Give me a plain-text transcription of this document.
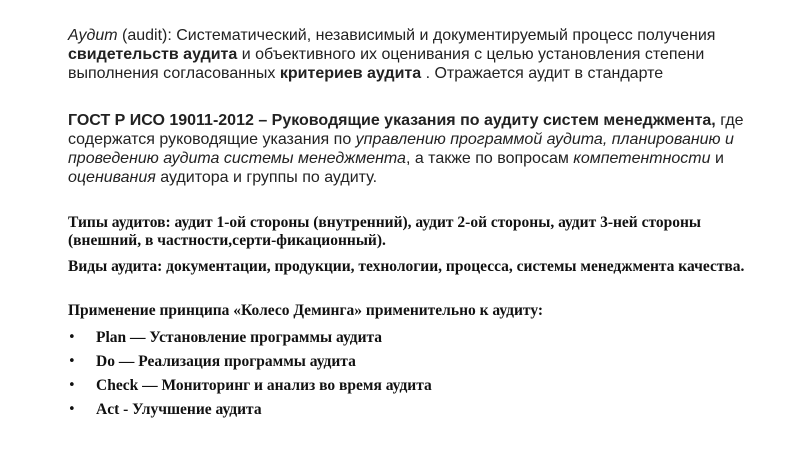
Аудит (audit): Систематический, независимый и документируемый процесс получения свидетельств аудита и объективного их оценивания с целью установления степени выполнения согласованных критериев аудита . Отражается аудит в стандарте
ГОСТ Р ИСО 19011-2012 – Руководящие указания по аудиту систем менеджмента, где содержатся руководящие указания по управлению программой аудита, планированию и проведению аудита системы менеджмента, а также по вопросам компетентности и оценивания аудитора и группы по аудиту.
Типы аудитов: аудит 1-ой стороны (внутренний), аудит 2-ой стороны, аудит 3-ней стороны (внешний, в частности,серти-фикационный).
Виды аудита: документации, продукции, технологии, процесса, системы менеджмента качества.
Применение принципа «Колесо Деминга» применительно к аудиту:
• Plan — Установление программы аудита
• Do — Реализация программы аудита
• Check — Мониторинг и анализ во время аудита
• Act - Улучшение аудита
